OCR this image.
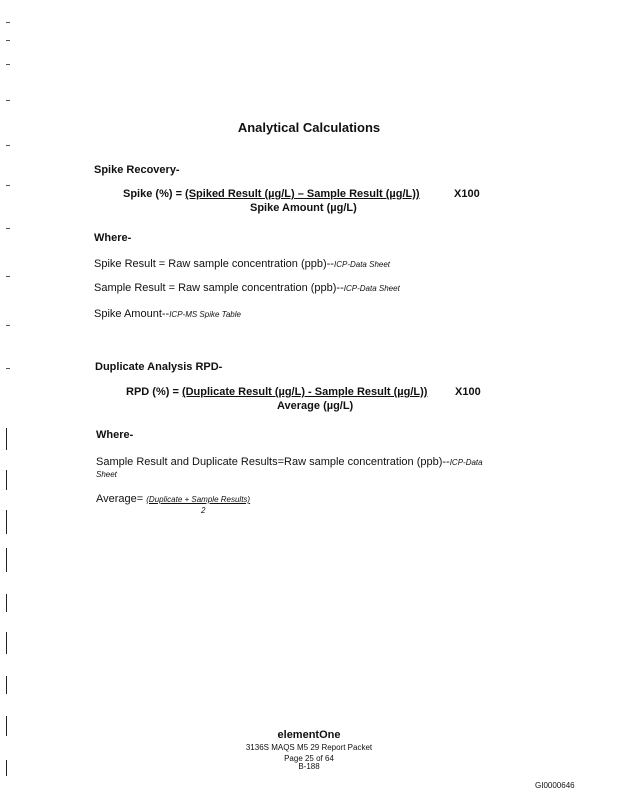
Analytical Calculations
Spike Recovery-
Spike (%) = (Spiked Result (µg/L) – Sample Result (µg/L))	X100
Spike Amount (µg/L)
Where-
Spike Result = Raw sample concentration (ppb)--ICP-Data Sheet
Sample Result = Raw sample concentration (ppb)--ICP-Data Sheet
Spike Amount--ICP-MS Spike Table
Duplicate Analysis RPD-
RPD (%) = (Duplicate Result (µg/L) - Sample Result (µg/L))	X100
Average (µg/L)
Where-
Sample Result and Duplicate Results=Raw sample concentration (ppb)--ICP-Data
Sheet
Average= (Duplicate + Sample Results)
2
elementOne
3136S MAQS M5 29 Report Packet
Page 25 of 64
B-188
GI0000646
